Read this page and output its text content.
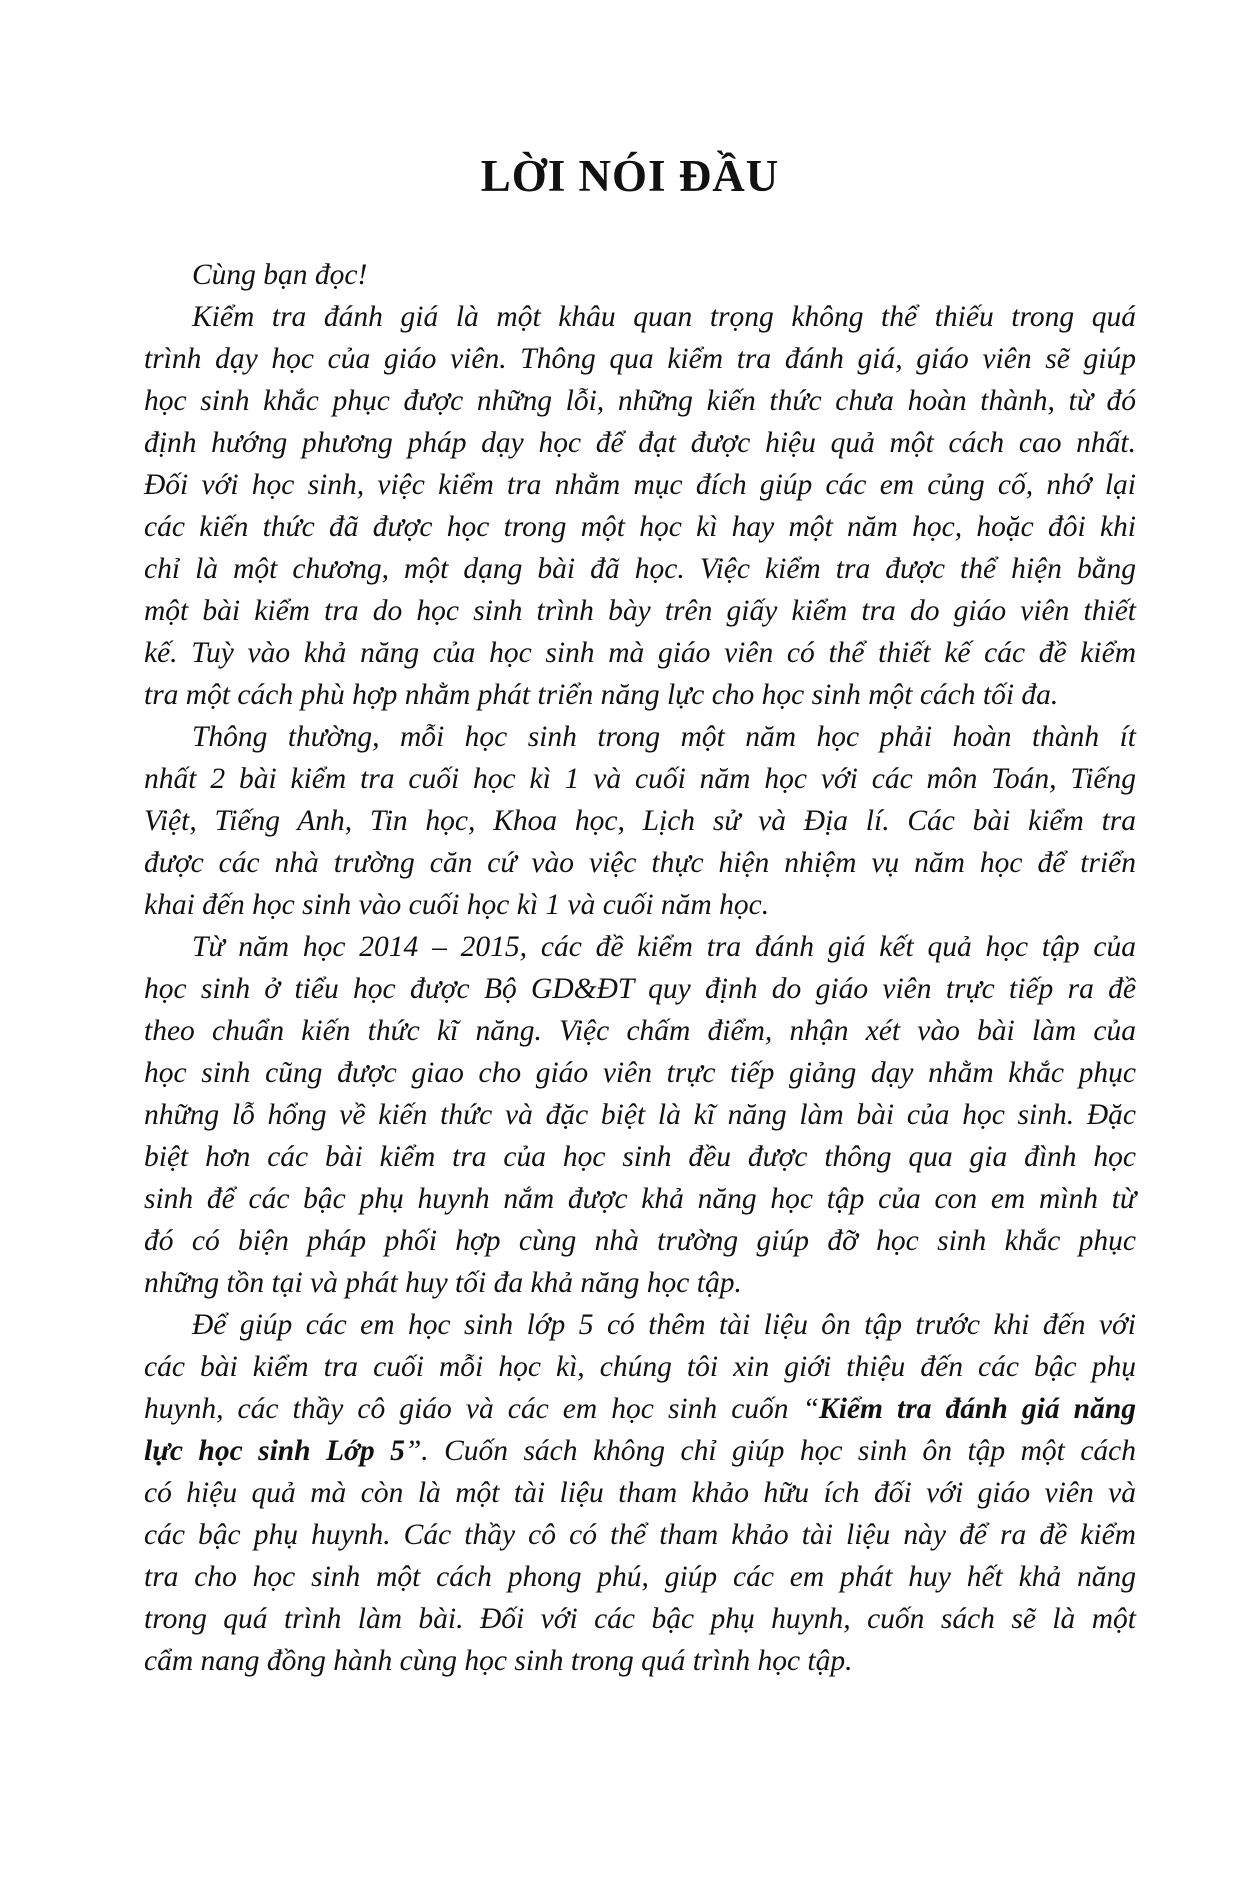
LỜI NÓI ĐẦU
Cùng bạn đọc!
Kiểm tra đánh giá là một khâu quan trọng không thể thiếu trong quá
trình dạy học của giáo viên. Thông qua kiểm tra đánh giá, giáo viên sẽ giúp
học sinh khắc phục được những lỗi, những kiến thức chưa hoàn thành, từ đó
định hướng phương pháp dạy học để đạt được hiệu quả một cách cao nhất.
Đối với học sinh, việc kiểm tra nhằm mục đích giúp các em củng cố, nhớ lại
các kiến thức đã được học trong một học kì hay một năm học, hoặc đôi khi
chỉ là một chương, một dạng bài đã học. Việc kiểm tra được thể hiện bằng
một bài kiểm tra do học sinh trình bày trên giấy kiểm tra do giáo viên thiết
kế. Tuỳ vào khả năng của học sinh mà giáo viên có thể thiết kế các đề kiểm
tra một cách phù hợp nhằm phát triển năng lực cho học sinh một cách tối đa.
Thông thường, mỗi học sinh trong một năm học phải hoàn thành ít
nhất 2 bài kiểm tra cuối học kì 1 và cuối năm học với các môn Toán, Tiếng
Việt, Tiếng Anh, Tin học, Khoa học, Lịch sử và Địa lí. Các bài kiểm tra
được các nhà trường căn cứ vào việc thực hiện nhiệm vụ năm học để triển
khai đến học sinh vào cuối học kì 1 và cuối năm học.
Từ năm học 2014 – 2015, các đề kiểm tra đánh giá kết quả học tập của
học sinh ở tiểu học được Bộ GD&ĐT quy định do giáo viên trực tiếp ra đề
theo chuẩn kiến thức kĩ năng. Việc chấm điểm, nhận xét vào bài làm của
học sinh cũng được giao cho giáo viên trực tiếp giảng dạy nhằm khắc phục
những lỗ hổng về kiến thức và đặc biệt là kĩ năng làm bài của học sinh. Đặc
biệt hơn các bài kiểm tra của học sinh đều được thông qua gia đình học
sinh để các bậc phụ huynh nắm được khả năng học tập của con em mình từ
đó có biện pháp phối hợp cùng nhà trường giúp đỡ học sinh khắc phục
những tồn tại và phát huy tối đa khả năng học tập.
Để giúp các em học sinh lớp 5 có thêm tài liệu ôn tập trước khi đến với
các bài kiểm tra cuối mỗi học kì, chúng tôi xin giới thiệu đến các bậc phụ
huynh, các thầy cô giáo và các em học sinh cuốn “Kiểm tra đánh giá năng
lực học sinh Lớp 5”. Cuốn sách không chỉ giúp học sinh ôn tập một cách
có hiệu quả mà còn là một tài liệu tham khảo hữu ích đối với giáo viên và
các bậc phụ huynh. Các thầy cô có thể tham khảo tài liệu này để ra đề kiểm
tra cho học sinh một cách phong phú, giúp các em phát huy hết khả năng
trong quá trình làm bài. Đối với các bậc phụ huynh, cuốn sách sẽ là một
cẩm nang đồng hành cùng học sinh trong quá trình học tập.
